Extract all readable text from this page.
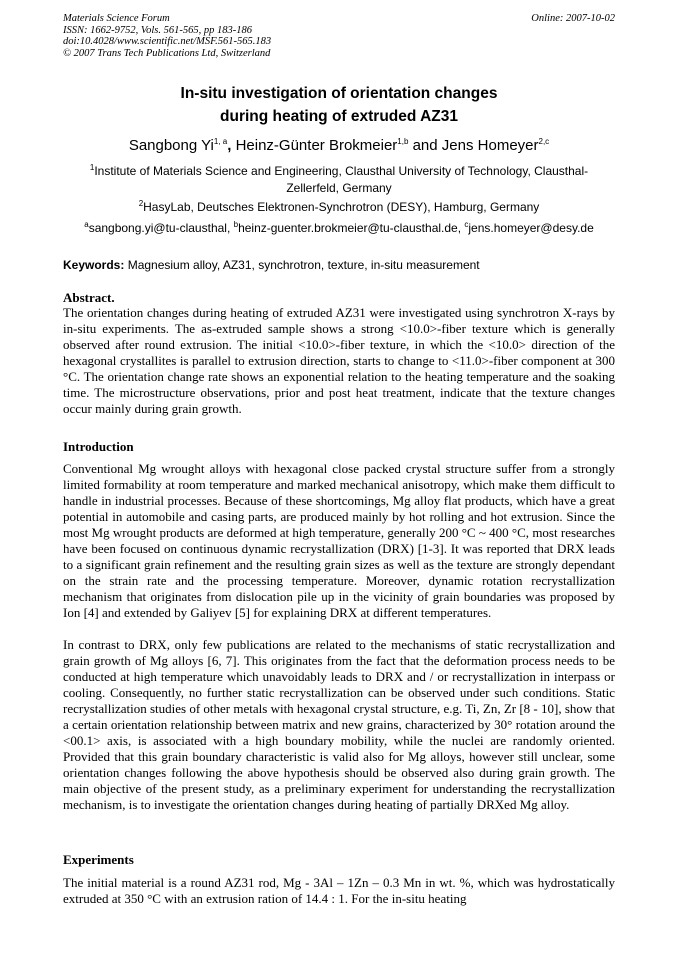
Materials Science Forum
ISSN: 1662-9752, Vols. 561-565, pp 183-186
doi:10.4028/www.scientific.net/MSF.561-565.183
© 2007 Trans Tech Publications Ltd, Switzerland
Online: 2007-10-02
In-situ investigation of orientation changes
during heating of extruded AZ31
Sangbong Yi$^{1, a}$, Heinz-Günter Brokmeier$^{1,b}$ and Jens Homeyer$^{2,c}$
$^1$Institute of Materials Science and Engineering, Clausthal University of Technology, Clausthal-Zellerfeld, Germany
$^2$HasyLab, Deutsches Elektronen-Synchrotron (DESY), Hamburg, Germany
$^a$sangbong.yi@tu-clausthal, $^b$heinz-guenter.brokmeier@tu-clausthal.de, $^c$jens.homeyer@desy.de
Keywords: Magnesium alloy, AZ31, synchrotron, texture, in-situ measurement
Abstract.
The orientation changes during heating of extruded AZ31 were investigated using synchrotron X-rays by in-situ experiments. The as-extruded sample shows a strong <10.0>-fiber texture which is generally observed after round extrusion. The initial <10.0>-fiber texture, in which the <10.0> direction of the hexagonal crystallites is parallel to extrusion direction, starts to change to <11.0>-fiber component at 300 °C. The orientation change rate shows an exponential relation to the heating temperature and the soaking time. The microstructure observations, prior and post heat treatment, indicate that the texture changes occur mainly during grain growth.
Introduction
Conventional Mg wrought alloys with hexagonal close packed crystal structure suffer from a strongly limited formability at room temperature and marked mechanical anisotropy, which make them difficult to handle in industrial processes. Because of these shortcomings, Mg alloy flat products, which have a great potential in automobile and casing parts, are produced mainly by hot rolling and hot extrusion. Since the most Mg wrought products are deformed at high temperature, generally 200 °C ~ 400 °C, most researches have been focused on continuous dynamic recrystallization (DRX) [1-3]. It was reported that DRX leads to a significant grain refinement and the resulting grain sizes as well as the texture are strongly dependant on the strain rate and the processing temperature. Moreover, dynamic rotation recrystallization mechanism that originates from dislocation pile up in the vicinity of grain boundaries was proposed by Ion [4] and extended by Galiyev [5] for explaining DRX at different temperatures.
In contrast to DRX, only few publications are related to the mechanisms of static recrystallization and grain growth of Mg alloys [6, 7]. This originates from the fact that the deformation process needs to be conducted at high temperature which unavoidably leads to DRX and / or recrystallization in interpass or cooling. Consequently, no further static recrystallization can be observed under such conditions. Static recrystallization studies of other metals with hexagonal crystal structure, e.g. Ti, Zn, Zr [8 - 10], show that a certain orientation relationship between matrix and new grains, characterized by 30° rotation around the <00.1> axis, is associated with a high boundary mobility, while the nuclei are randomly oriented. Provided that this grain boundary characteristic is valid also for Mg alloys, however still unclear, some orientation changes following the above hypothesis should be observed also during grain growth. The main objective of the present study, as a preliminary experiment for understanding the recrystallization mechanism, is to investigate the orientation changes during heating of partially DRXed Mg alloy.
Experiments
The initial material is a round AZ31 rod, Mg - 3Al – 1Zn – 0.3 Mn in wt. %, which was hydrostatically extruded at 350 °C with an extrusion ration of 14.4 : 1. For the in-situ heating
